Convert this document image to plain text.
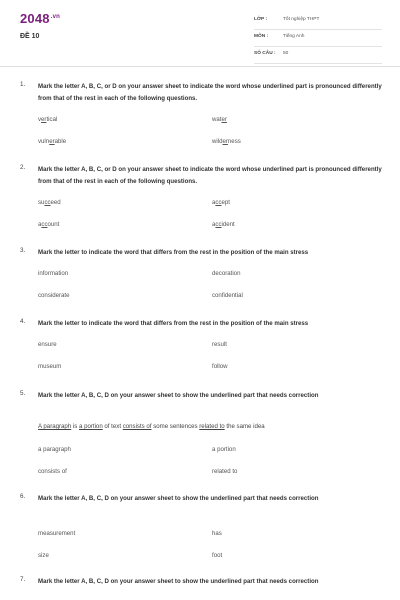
$2048^{.vn}$
ĐỀ 10
LỚP :	Tốt nghiệp THPT
MÔN :	Tiếng Anh
SỐ CÂU : 50
1. Mark the letter A, B, C, or D on your answer sheet to indicate the word whose underlined part is pronounced differently from that of the rest in each of the following questions.
vertical	water
vulnerable	wilderness
2. Mark the letter A, B, C, or D on your answer sheet to indicate the word whose underlined part is pronounced differently from that of the rest in each of the following questions.
succeed	accept
account	accident
3. Mark the letter to indicate the word that differs from the rest in the position of the main stress
information	decoration
considerate	confidential
4. Mark the letter to indicate the word that differs from the rest in the position of the main stress
ensure	result
museum	follow
5. Mark the letter A, B, C, D on your answer sheet to show the underlined part that needs correction
A paragraph is a portion of text consists of some sentences related to the same idea
a paragraph	a portion
consists of	related to
6. Mark the letter A, B, C, D on your answer sheet to show the underlined part that needs correction
measurement	has
size	foot
7. Mark the letter A, B, C, D on your answer sheet to show the underlined part that needs correction
